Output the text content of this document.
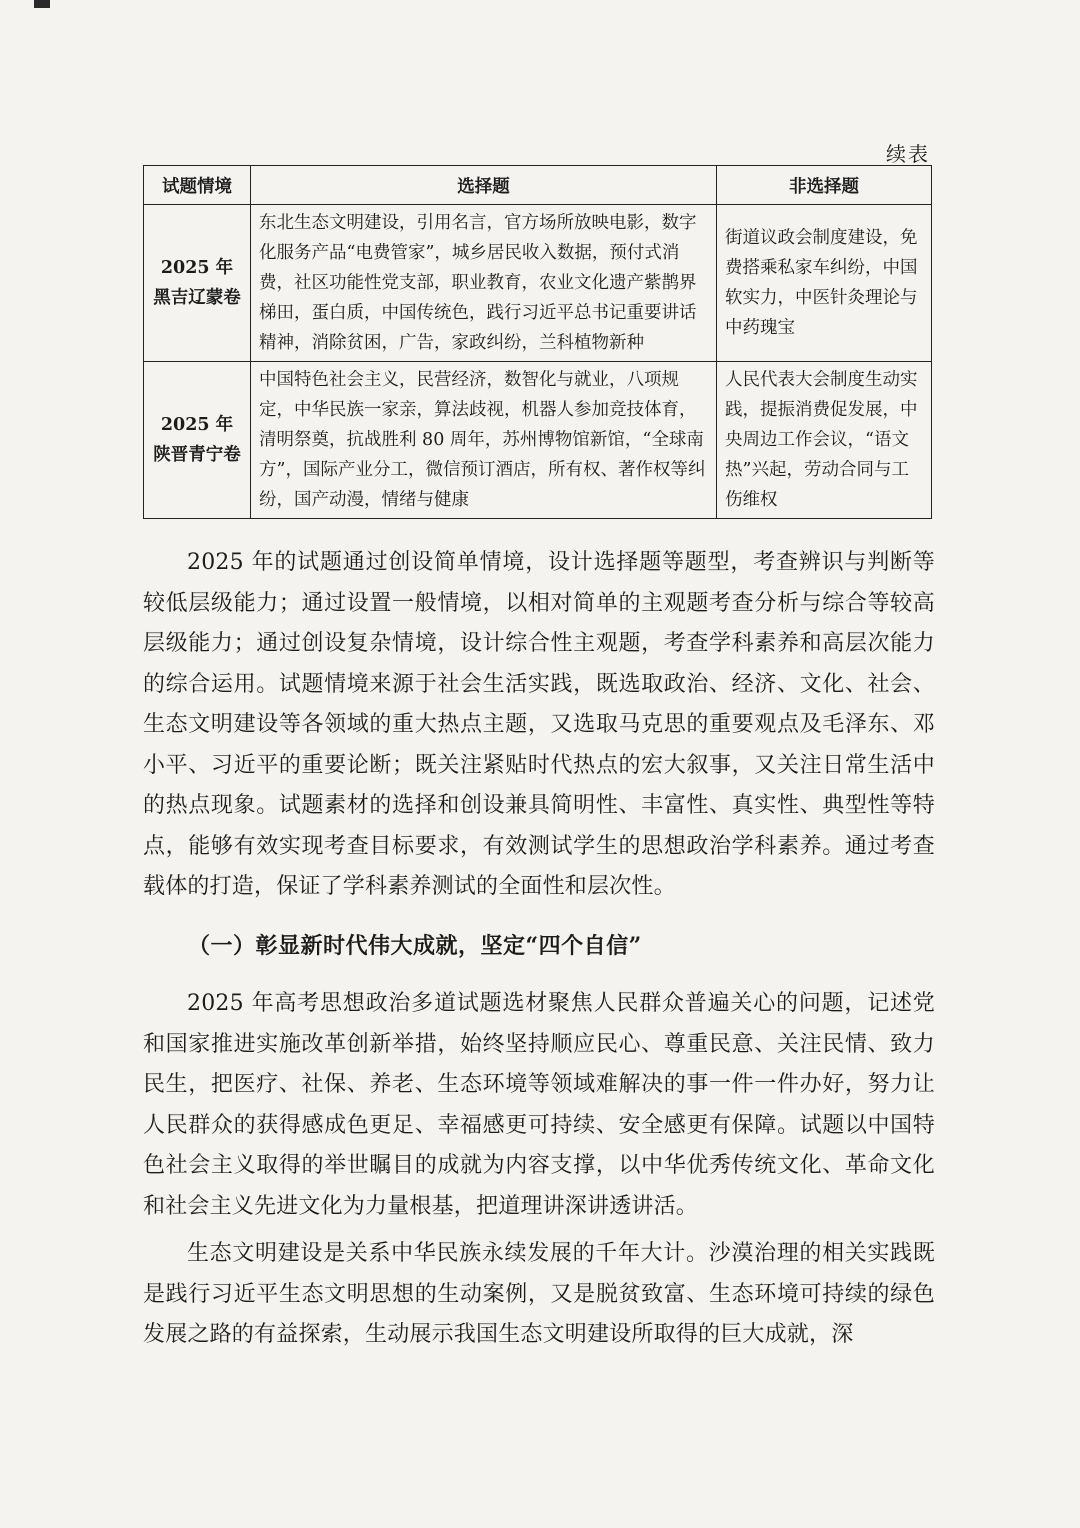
续表
试题情境	选择题	非选择题

2025 年
黑吉辽蒙卷	东北生态文明建设，引用名言，官方场所放映电影，数字化服务产品“电费管家”，城乡居民收入数据，预付式消费，社区功能性党支部，职业教育，农业文化遗产紫鹊界梯田，蛋白质，中国传统色，践行习近平总书记重要讲话精神，消除贫困，广告，家政纠纷，兰科植物新种	街道议政会制度建设，免费搭乘私家车纠纷，中国软实力，中医针灸理论与中药瑰宝

2025 年
陕晋青宁卷	中国特色社会主义，民营经济，数智化与就业，八项规定，中华民族一家亲，算法歧视，机器人参加竞技体育，清明祭奠，抗战胜利 80 周年，苏州博物馆新馆，“全球南方”，国际产业分工，微信预订酒店，所有权、著作权等纠纷，国产动漫，情绪与健康	人民代表大会制度生动实践，提振消费促发展，中央周边工作会议，“语文热”兴起，劳动合同与工伤维权

2025 年的试题通过创设简单情境，设计选择题等题型，考查辨识与判断等较低层级能力；通过设置一般情境，以相对简单的主观题考查分析与综合等较高层级能力；通过创设复杂情境，设计综合性主观题，考查学科素养和高层次能力的综合运用。试题情境来源于社会生活实践，既选取政治、经济、文化、社会、生态文明建设等各领域的重大热点主题，又选取马克思的重要观点及毛泽东、邓小平、习近平的重要论断；既关注紧贴时代热点的宏大叙事，又关注日常生活中的热点现象。试题素材的选择和创设兼具简明性、丰富性、真实性、典型性等特点，能够有效实现考查目标要求，有效测试学生的思想政治学科素养。通过考查载体的打造，保证了学科素养测试的全面性和层次性。

（一）彰显新时代伟大成就，坚定“四个自信”

2025 年高考思想政治多道试题选材聚焦人民群众普遍关心的问题，记述党和国家推进实施改革创新举措，始终坚持顺应民心、尊重民意、关注民情、致力民生，把医疗、社保、养老、生态环境等领域难解决的事一件一件办好，努力让人民群众的获得感成色更足、幸福感更可持续、安全感更有保障。试题以中国特色社会主义取得的举世瞩目的成就为内容支撑，以中华优秀传统文化、革命文化和社会主义先进文化为力量根基，把道理讲深讲透讲活。

生态文明建设是关系中华民族永续发展的千年大计。沙漠治理的相关实践既是践行习近平生态文明思想的生动案例，又是脱贫致富、生态环境可持续的绿色发展之路的有益探索，生动展示我国生态文明建设所取得的巨大成就，深
